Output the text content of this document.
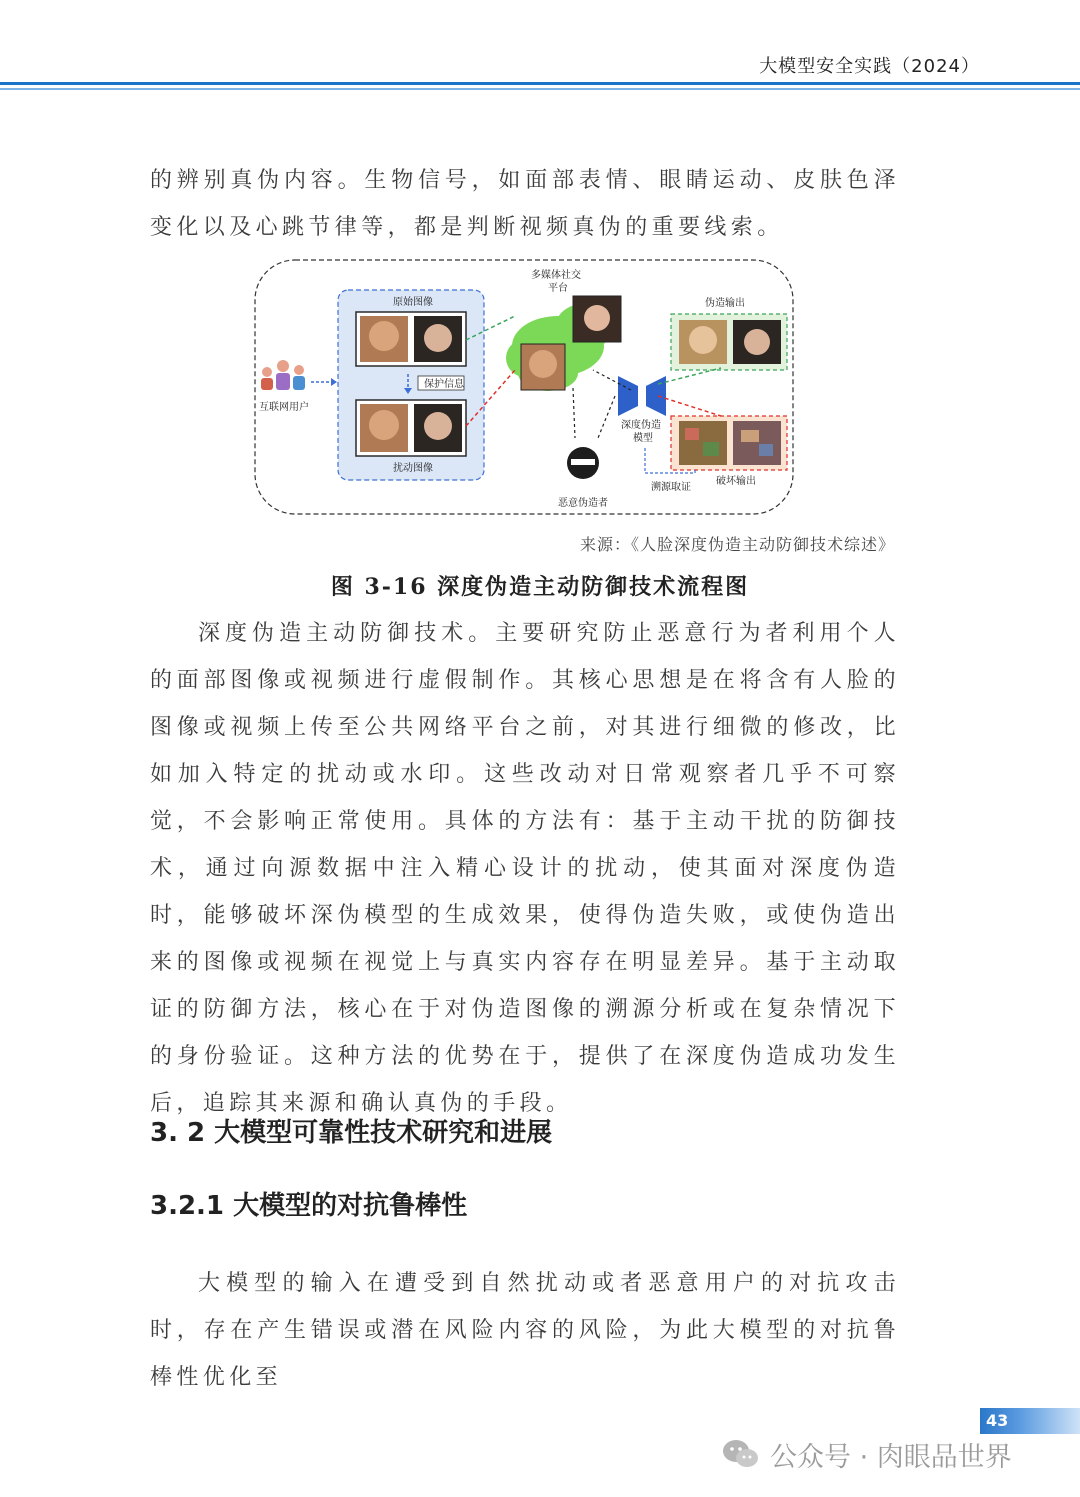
大模型安全实践（2024）

的辨别真伪内容。生物信号，如面部表情、眼睛运动、皮肤色泽变化以及心跳节律等，都是判断视频真伪的重要线索。

互联网用户
原始图像
保护信息
扰动图像
多媒体社交
平台
恶意伪造者
深度伪造
模型
伪造输出
破坏输出
溯源取证
来源：《人脸深度伪造主动防御技术综述》
图 3-16 深度伪造主动防御技术流程图

深度伪造主动防御技术。主要研究防止恶意行为者利用个人的面部图像或视频进行虚假制作。其核心思想是在将含有人脸的图像或视频上传至公共网络平台之前，对其进行细微的修改，比如加入特定的扰动或水印。这些改动对日常观察者几乎不可察觉，不会影响正常使用。具体的方法有：基于主动干扰的防御技术，通过向源数据中注入精心设计的扰动，使其面对深度伪造时，能够破坏深伪模型的生成效果，使得伪造失败，或使伪造出来的图像或视频在视觉上与真实内容存在明显差异。基于主动取证的防御方法，核心在于对伪造图像的溯源分析或在复杂情况下的身份验证。这种方法的优势在于，提供了在深度伪造成功发生后，追踪其来源和确认真伪的手段。

3. 2 大模型可靠性技术研究和进展
3.2.1 大模型的对抗鲁棒性

大模型的输入在遭受到自然扰动或者恶意用户的对抗攻击时，存在产生错误或潜在风险内容的风险，为此大模型的对抗鲁棒性优化至

43
公众号 · 肉眼品世界
